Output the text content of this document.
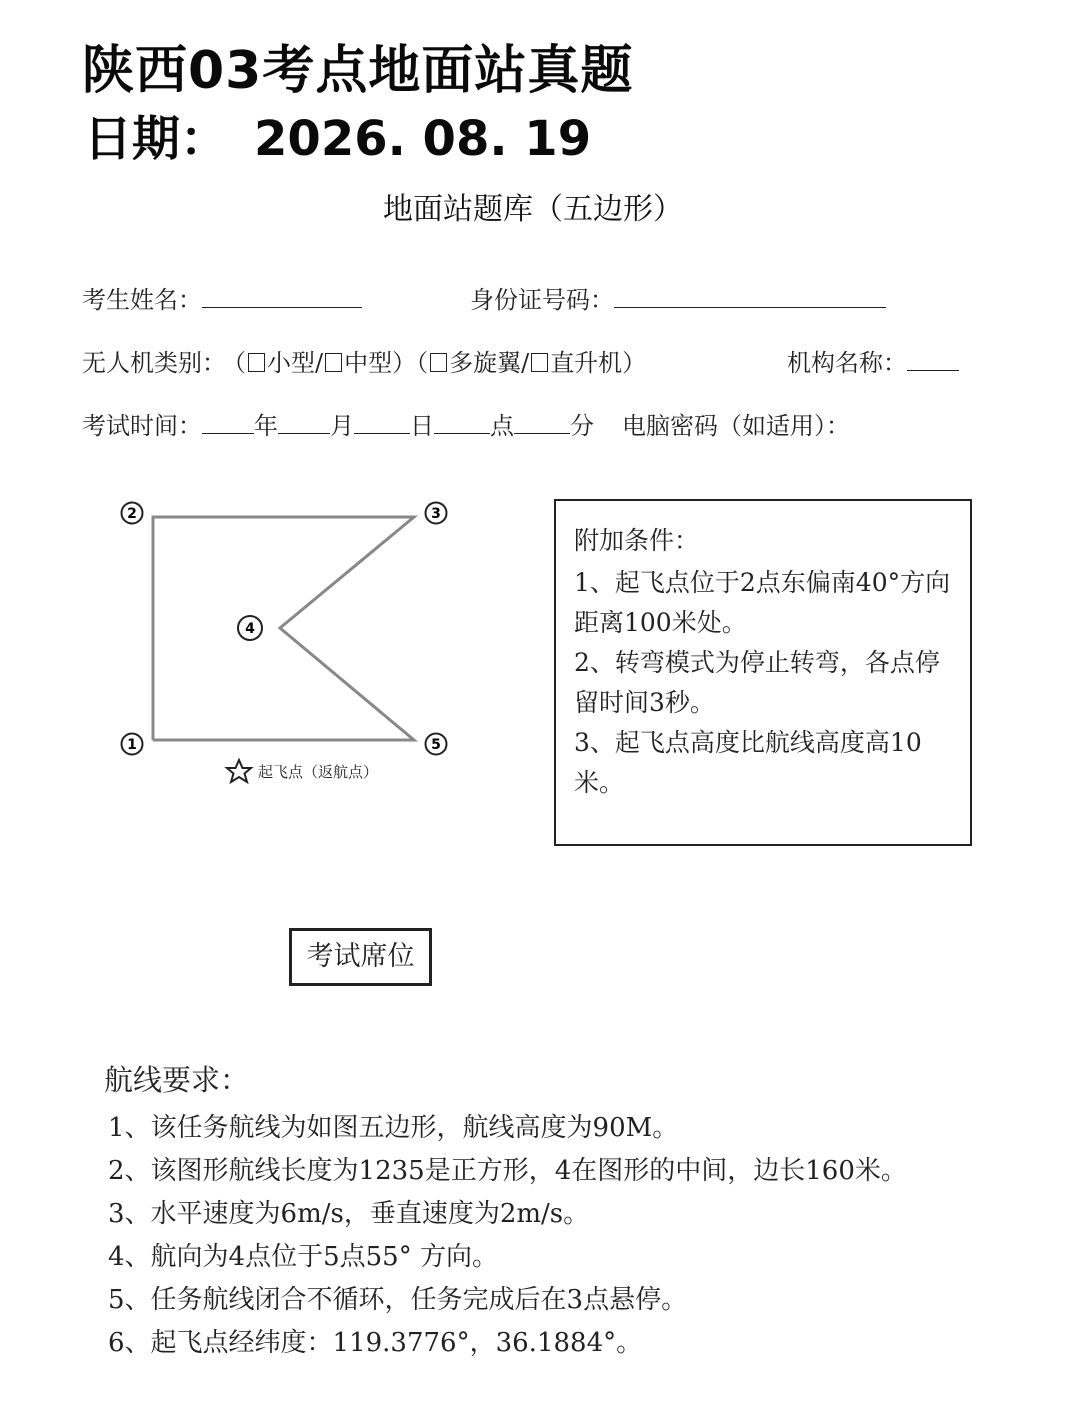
陕西03考点地面站真题
日期： 2026. 08. 19
地面站题库（五边形）
考生姓名：	身份证号码：
无人机类别： （ 小型/ 中型）（ 多旋翼/ 直升机）	机构名称：
考试时间： 年 月 日 点 分 电脑密码（如适用）：
2	3
4
1	5
起飞点（返航点）

附加条件：

1、起飞点位于2点东偏南40°方向距离100米处。

2、转弯模式为停止转弯，各点停留时间3秒。

3、起飞点高度比航线高度高10米。

考试席位

航线要求：

1、该任务航线为如图五边形，航线高度为90M。

2、该图形航线长度为1235是正方形，4在图形的中间，边长160米。

3、水平速度为6m/s，垂直速度为2m/s。

4、航向为4点位于5点55° 方向。

5、任务航线闭合不循环，任务完成后在3点悬停。

6、起飞点经纬度：119.3776°，36.1884°。
